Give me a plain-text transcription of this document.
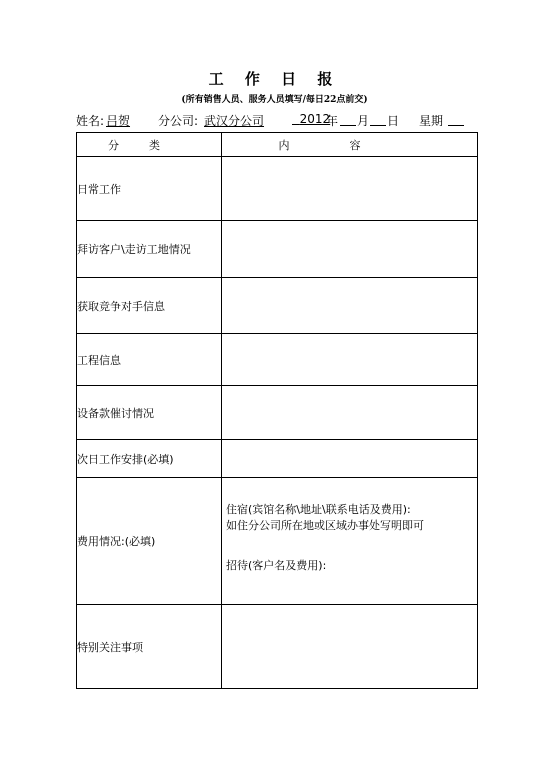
工 作 日 报
(所有销售人员、服务人员填写/每日22点前交)
姓名: 吕贺 分公司: 武汉分公司	2012
年 月 日 星期
分类	内容
日常工作	
拜访客户\走访工地情况	
获取竞争对手信息	
工程信息	
设备款催讨情况	
次日工作安排(必填)	
费用情况:(必填)	住宿(宾馆名称\地址\联系电话及费用):
如住分公司所在地或区域办事处写明即可
招待(客户名及费用):

特别关注事项	
